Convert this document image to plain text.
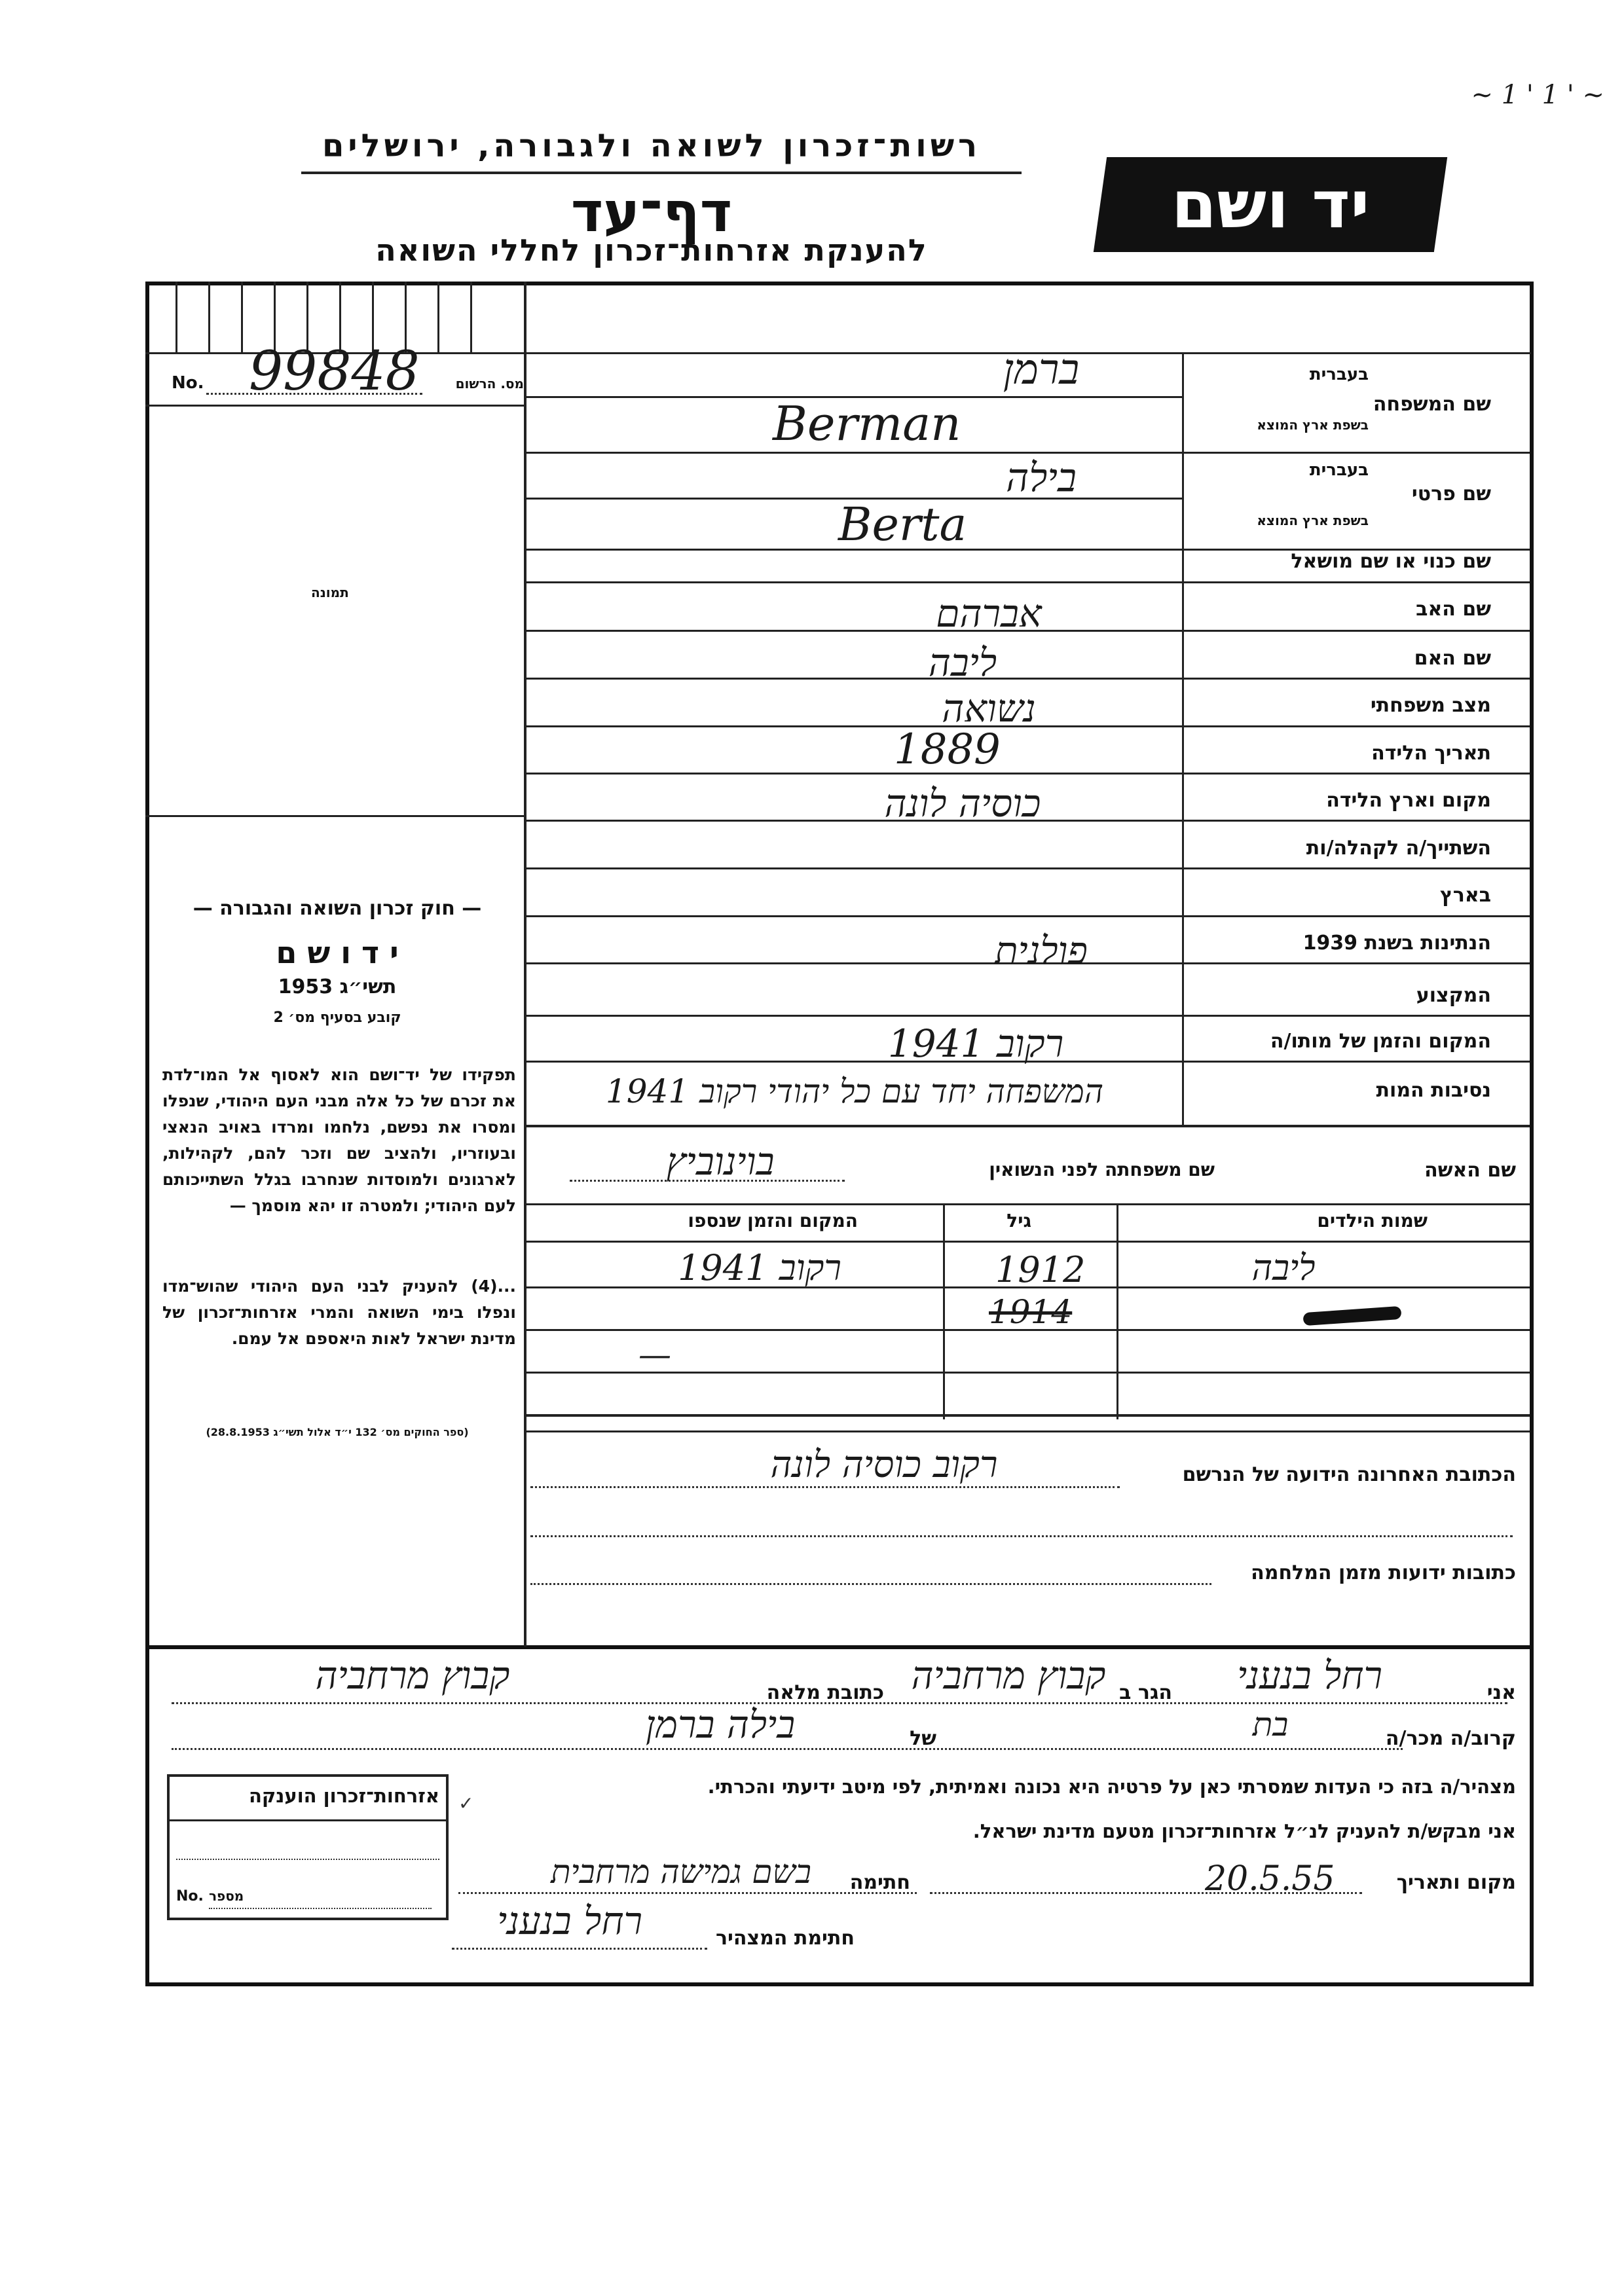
~ 1 ' 1 ' ~
רשות־זכרון לשואה ולגבורה, ירושלים
דף־עד
להענקת אזרחות־זכרון לחללי השואה
יד ושם
No. 99848	מס. הרשום
תמונה
— חוק זכרון השואה והגבורה —
י ד ו ש ם
תשי״ג 1953
קובע בסעיף מס׳ 2
תפקידו של יד־ושם הוא לאסוף אל המו־לדת את זכרם של כל אלה מבני העם היהודי, שנפלו ומסרו את נפשם, נלחמו ומרדו באויב הנאצי ובעוזריו, ולהציב שם וזכר להם, לקהילות, לארגונים ולמוסדות שנחרבו בגלל השתייכותם לעם היהודי; ולמטרה זו יהא מוסמך —
...(4) להעניק לבני העם היהודי שהוש־מדו ונפלו בימי השואה והמרי אזרחות־זכרון של מדינת ישראל לאות היאספם אל עמם.
(ספר החוקים מס׳ 132 י״ד אלול תשי״ג 28.8.1953)
שם המשפחה
בעברית
בשפת ארץ המוצא
ברמן
Berman
שם פרטי
בעברית
בשפת ארץ המוצא
בילה
Berta
שם כנוי או שם מושאל
שם האב
אברהם
שם האם
ליבה
מצב משפחתי
נשואה
תאריך הלידה
1889
מקום וארץ הלידה
כוסיה לונה
השתייך/ה לקהלה/ות
בארץ
הנתינות בשנת 1939
פולנית
המקצוע
המקום והזמן של מותו/ה
רקוב 1941
נסיבות המות
המשפחה יחד עם כל יהודי רקוב 1941
שם האשה
שם משפחתה לפני הנשואין
בוינוביץ
שמות הילדים
גיל
המקום והזמן שנספו
ליבה
1912
רקוב 1941
1914
—
הכתובת האחרונה הידועה של הנרשם
רקוב כוסיה לונה
כתובות ידועות מזמן המלחמה
אני
רחל בנעני
הגר ב
קבוץ מרחביה
כתובת מלאה
קבוץ מרחביה
קרוב/ה מכר/ה
בת
של
בילה ברמן
מצהיר/ה בזה כי העדות שמסרתי כאן על פרטיה היא נכונה ואמיתית, לפי מיטב ידיעתי והכרתי.
אני מבקש/ת להעניק לנ״ל אזרחות־זכרון מטעם מדינת ישראל.
מקום ותאריך
20.5.55
חתימה
בשם גמישה מרחבית
חתימת המצהיר
רחל בנעני
אזרחות־זכרון הוענקה
No. מספר
✓
